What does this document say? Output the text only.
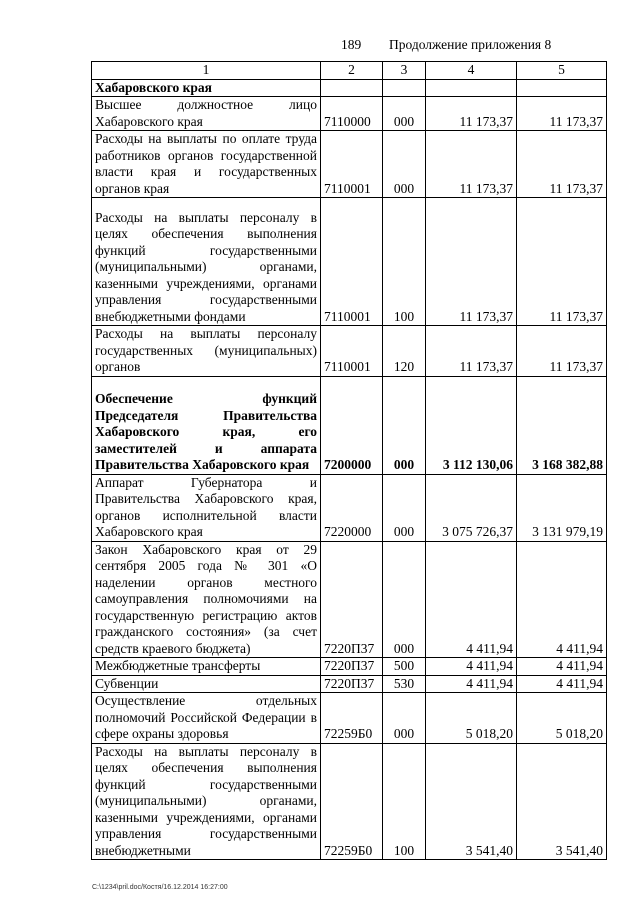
189 Продолжение приложения 8
1	2	3	4	5
Хабаровского края				
Высшее должностное лицо Хабаровского края	7110000	000	11 173,37	11 173,37
Расходы на выплаты по оплате труда работников органов государственной власти края и государственных органов края	7110001	000	11 173,37	11 173,37
Расходы на выплаты персоналу в целях обеспечения выполнения функций государственными (муниципальными) органами, казенными учреждениями, органами управления государственными внебюджетными фондами	7110001	100	11 173,37	11 173,37
Расходы на выплаты персоналу государственных (муниципальных) органов	7110001	120	11 173,37	11 173,37
Обеспечение функций Председателя Правительства Хабаровского края, его заместителей и аппарата Правительства Хабаровского края	7200000	000	3 112 130,06	3 168 382,88
Аппарат Губернатора и Правительства Хабаровского края, органов исполнительной власти Хабаровского края	7220000	000	3 075 726,37	3 131 979,19
Закон Хабаровского края от 29 сентября 2005 года № 301 «О наделении органов местного самоуправления полномочиями на государственную регистрацию актов гражданского состояния» (за счет средств краевого бюджета)	7220П37	000	4 411,94	4 411,94
Межбюджетные трансферты	7220П37	500	4 411,94	4 411,94
Субвенции	7220П37	530	4 411,94	4 411,94
Осуществление отдельных полномочий Российской Федерации в сфере охраны здоровья	72259Б0	000	5 018,20	5 018,20
Расходы на выплаты персоналу в целях обеспечения выполнения функций государственными (муниципальными) органами, казенными учреждениями, органами управления государственными внебюджетными	72259Б0	100	3 541,40	3 541,40
C:\1234\pril.doc/Костя/16.12.2014 16:27:00
